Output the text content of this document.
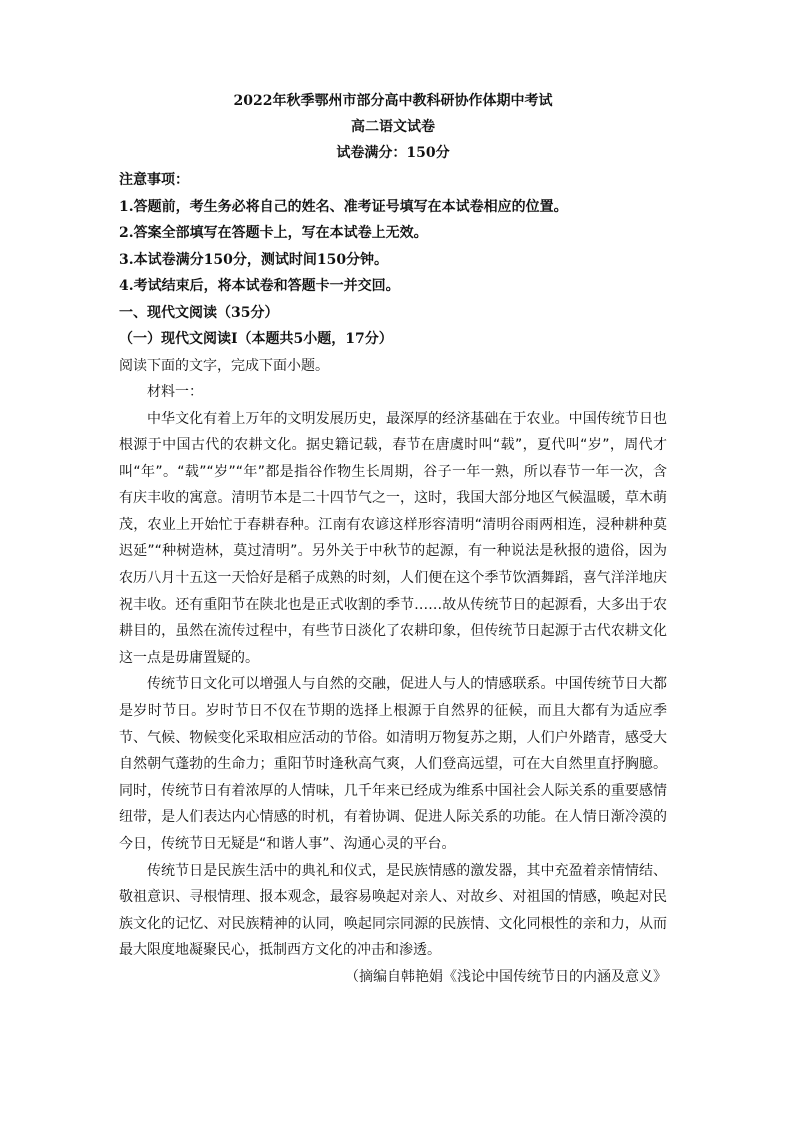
2022年秋季鄂州市部分高中教科研协作体期中考试
高二语文试卷
试卷满分：150分
注意事项：
1.答题前，考生务必将自己的姓名、准考证号填写在本试卷相应的位置。
2.答案全部填写在答题卡上，写在本试卷上无效。
3.本试卷满分150分，测试时间150分钟。
4.考试结束后，将本试卷和答题卡一并交回。
一、现代文阅读（35分）
（一）现代文阅读Ⅰ（本题共5小题，17分）
阅读下面的文字，完成下面小题。
材料一：

中华文化有着上万年的文明发展历史，最深厚的经济基础在于农业。中国传统节日也根源于中国古代的农耕文化。据史籍记载，春节在唐虞时叫“载”，夏代叫“岁”，周代才叫“年”。“载”“岁”“年”都是指谷作物生长周期，谷子一年一熟，所以春节一年一次，含有庆丰收的寓意。清明节本是二十四节气之一，这时，我国大部分地区气候温暖，草木萌茂，农业上开始忙于春耕春种。江南有农谚这样形容清明“清明谷雨两相连，浸种耕种莫迟延”“种树造林，莫过清明”。另外关于中秋节的起源，有一种说法是秋报的遗俗，因为农历八月十五这一天恰好是稻子成熟的时刻，人们便在这个季节饮酒舞蹈，喜气洋洋地庆祝丰收。还有重阳节在陕北也是正式收割的季节……故从传统节日的起源看，大多出于农耕目的，虽然在流传过程中，有些节日淡化了农耕印象，但传统节日起源于古代农耕文化这一点是毋庸置疑的。

传统节日文化可以增强人与自然的交融，促进人与人的情感联系。中国传统节日大都是岁时节日。岁时节日不仅在节期的选择上根源于自然界的征候，而且大都有为适应季节、气候、物候变化采取相应活动的节俗。如清明万物复苏之期，人们户外踏青，感受大自然朝气蓬勃的生命力；重阳节时逢秋高气爽，人们登高远望，可在大自然里直抒胸臆。同时，传统节日有着浓厚的人情味，几千年来已经成为维系中国社会人际关系的重要感情纽带，是人们表达内心情感的时机，有着协调、促进人际关系的功能。在人情日渐冷漠的今日，传统节日无疑是“和谐人事”、沟通心灵的平台。

传统节日是民族生活中的典礼和仪式，是民族情感的激发器，其中充盈着亲情情结、敬祖意识、寻根情理、报本观念，最容易唤起对亲人、对故乡、对祖国的情感，唤起对民族文化的记忆、对民族精神的认同，唤起同宗同源的民族情、文化同根性的亲和力，从而最大限度地凝聚民心，抵制西方文化的冲击和渗透。

（摘编自韩艳娟《浅论中国传统节日的内涵及意义》
